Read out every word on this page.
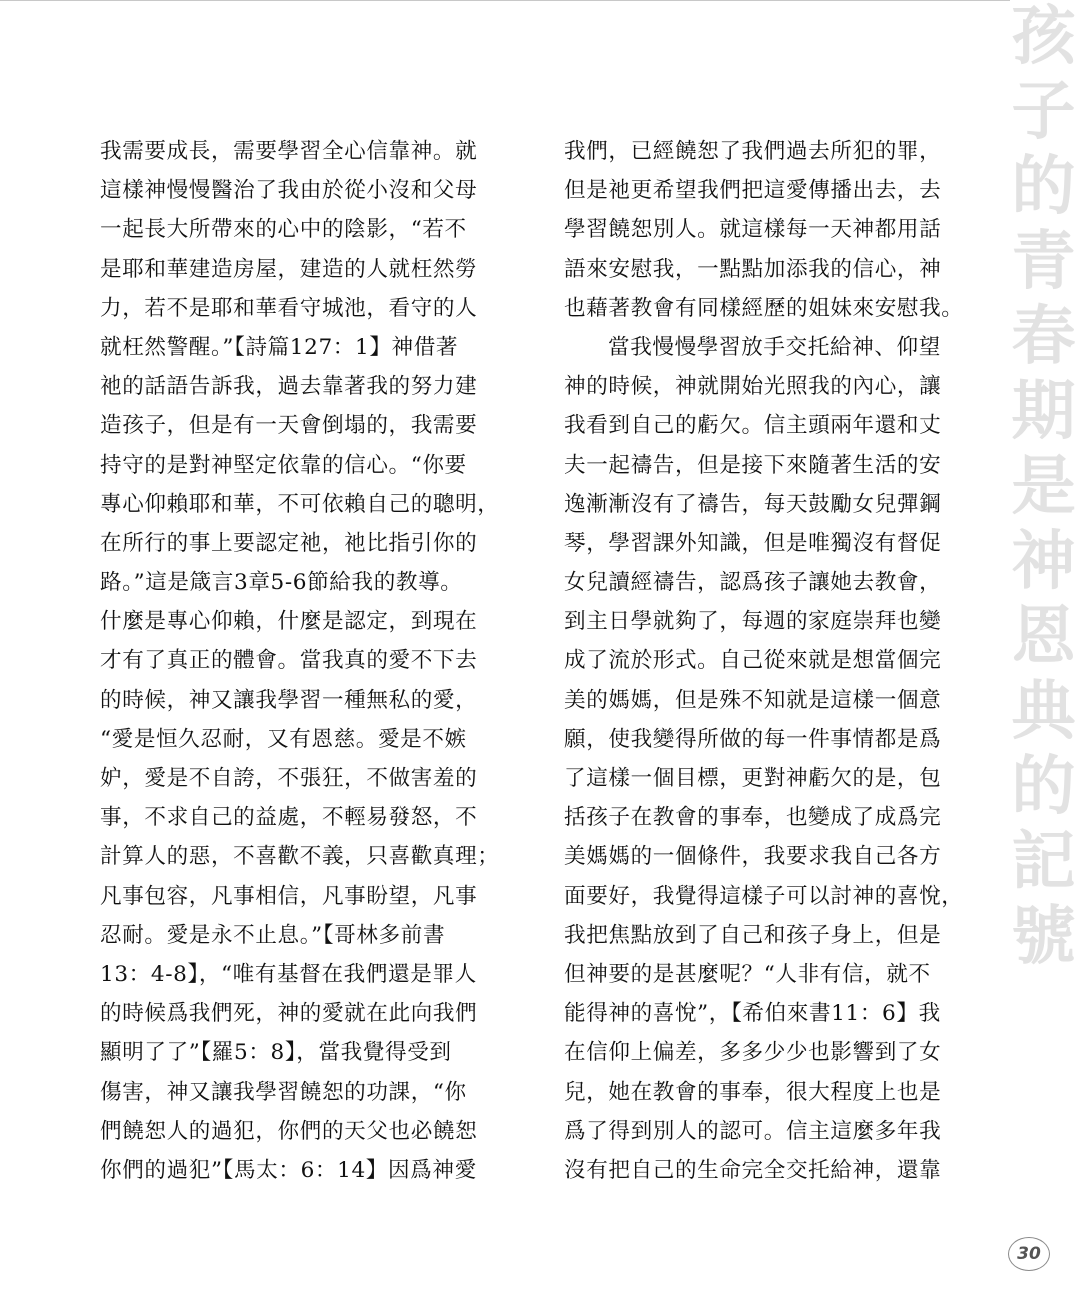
我需要成長，需要學習全心信靠神。就
這樣神慢慢醫治了我由於從小沒和父母
一起長大所帶來的心中的陰影，“若不
是耶和華建造房屋，建造的人就枉然勞
力，若不是耶和華看守城池，看守的人
就枉然警醒。”【詩篇127：1】神借著
祂的話語告訴我，過去靠著我的努力建
造孩子，但是有一天會倒塌的，我需要
持守的是對神堅定依靠的信心。“你要
專心仰賴耶和華，不可依賴自己的聰明，
在所行的事上要認定祂，祂比指引你的
路。”這是箴言3章5-6節給我的教導。
什麼是專心仰賴，什麼是認定，到現在
才有了真正的體會。當我真的愛不下去
的時候，神又讓我學習一種無私的愛，
“愛是恒久忍耐，又有恩慈。愛是不嫉
妒，愛是不自誇，不張狂，不做害羞的
事，不求自己的益處，不輕易發怒，不
計算人的惡，不喜歡不義，只喜歡真理；
凡事包容，凡事相信，凡事盼望，凡事
忍耐。愛是永不止息。”【哥林多前書
13：4-8】，“唯有基督在我們還是罪人
的時候爲我們死，神的愛就在此向我們
顯明了了”【羅5：8】，當我覺得受到
傷害，神又讓我學習饒恕的功課，“你
們饒恕人的過犯，你們的天父也必饒恕
你們的過犯”【馬太：6：14】因爲神愛
我們，已經饒恕了我們過去所犯的罪，
但是祂更希望我們把這愛傳播出去，去
學習饒恕別人。就這樣每一天神都用話
語來安慰我，一點點加添我的信心，神
也藉著教會有同樣經歷的姐妹來安慰我。
當我慢慢學習放手交托給神、仰望
神的時候，神就開始光照我的內心，讓
我看到自己的虧欠。信主頭兩年還和丈
夫一起禱告，但是接下來隨著生活的安
逸漸漸沒有了禱告，每天鼓勵女兒彈鋼
琴，學習課外知識，但是唯獨沒有督促
女兒讀經禱告，認爲孩子讓她去教會，
到主日學就夠了，每週的家庭崇拜也變
成了流於形式。自己從來就是想當個完
美的媽媽，但是殊不知就是這樣一個意
願，使我變得所做的每一件事情都是爲
了這樣一個目標，更對神虧欠的是，包
括孩子在教會的事奉，也變成了成爲完
美媽媽的一個條件，我要求我自己各方
面要好，我覺得這樣子可以討神的喜悅，
我把焦點放到了自己和孩子身上，但是
但神要的是甚麼呢？“人非有信，就不
能得神的喜悅”，【希伯來書11：6】我
在信仰上偏差，多多少少也影響到了女
兒，她在教會的事奉，很大程度上也是
爲了得到別人的認可。信主這麼多年我
沒有把自己的生命完全交托給神，還靠
孩
子
的
青
春
期
是
神
恩
典
的
記
號
30
